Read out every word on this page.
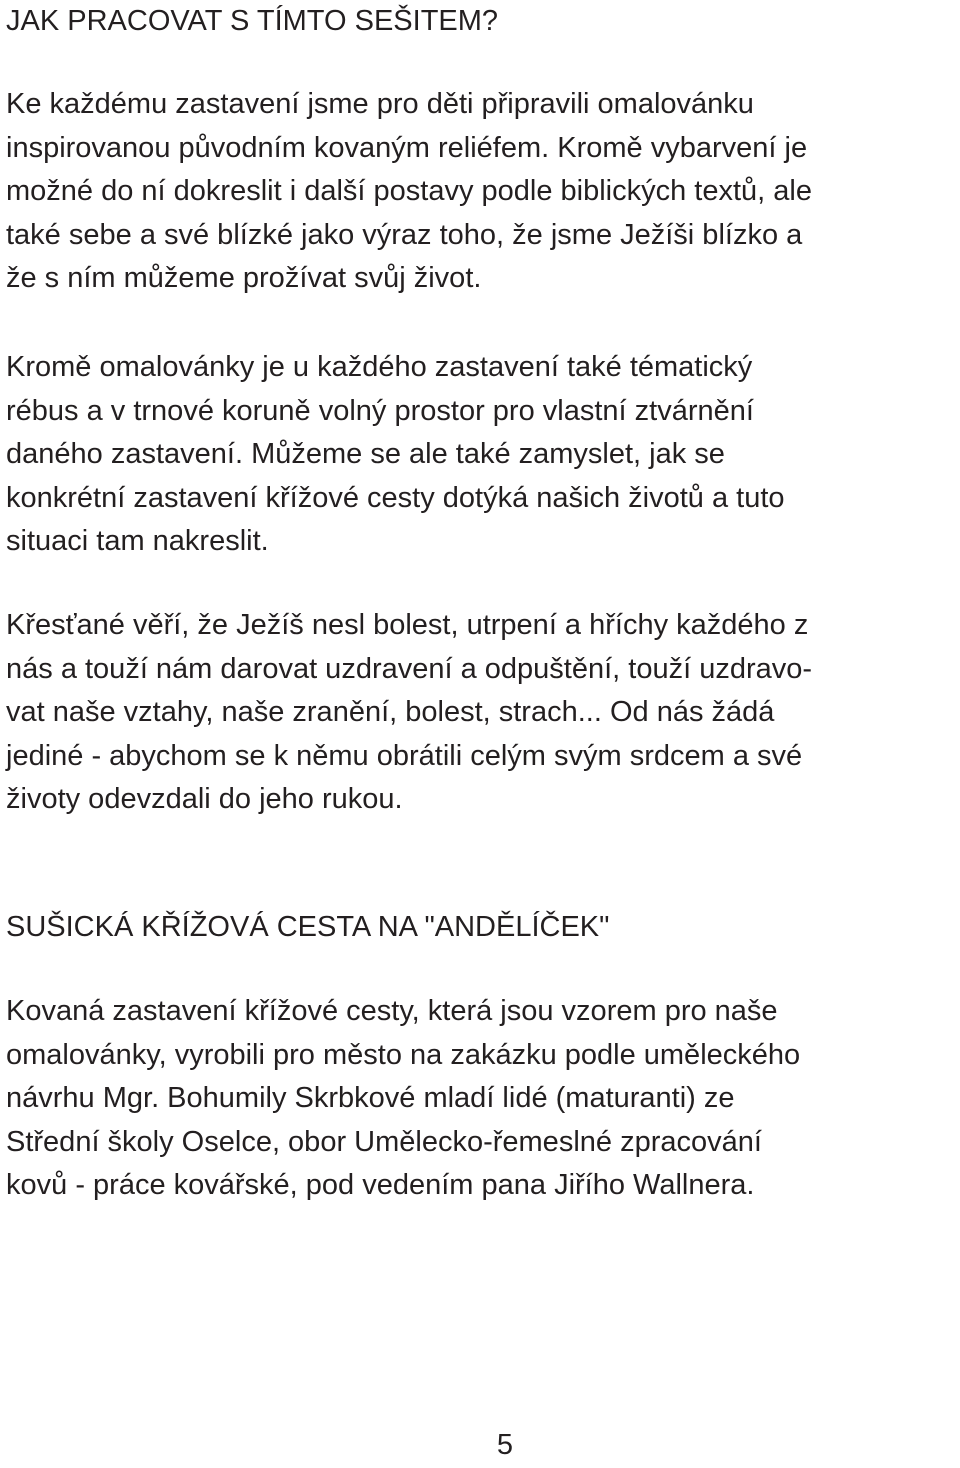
JAK PRACOVAT S TÍMTO SEŠITEM?

Ke každému zastavení jsme pro děti připravili omalovánku
inspirovanou původním kovaným reliéfem. Kromě vybarvení je
možné do ní dokreslit i další postavy podle biblických textů, ale
také sebe a své blízké jako výraz toho, že jsme Ježíši blízko a
že s ním můžeme prožívat svůj život.

Kromě omalovánky je u každého zastavení také tématický
rébus a v trnové koruně volný prostor pro vlastní ztvárnění
daného zastavení. Můžeme se ale také zamyslet, jak se
konkrétní zastavení křížové cesty dotýká našich životů a tuto
situaci tam nakreslit.

Křesťané věří, že Ježíš nesl bolest, utrpení a hříchy každého z
nás a touží nám darovat uzdravení a odpuštění, touží uzdravo-
vat naše vztahy, naše zranění, bolest, strach... Od nás žádá
jediné - abychom se k němu obrátili celým svým srdcem a své
životy odevzdali do jeho rukou.

SUŠICKÁ KŘÍŽOVÁ CESTA NA "ANDĚLÍČEK"

Kovaná zastavení křížové cesty, která jsou vzorem pro naše
omalovánky, vyrobili pro město na zakázku podle uměleckého
návrhu Mgr. Bohumily Skrbkové mladí lidé (maturanti) ze
Střední školy Oselce, obor Umělecko-řemeslné zpracování
kovů - práce kovářské, pod vedením pana Jiřího Wallnera.

5
